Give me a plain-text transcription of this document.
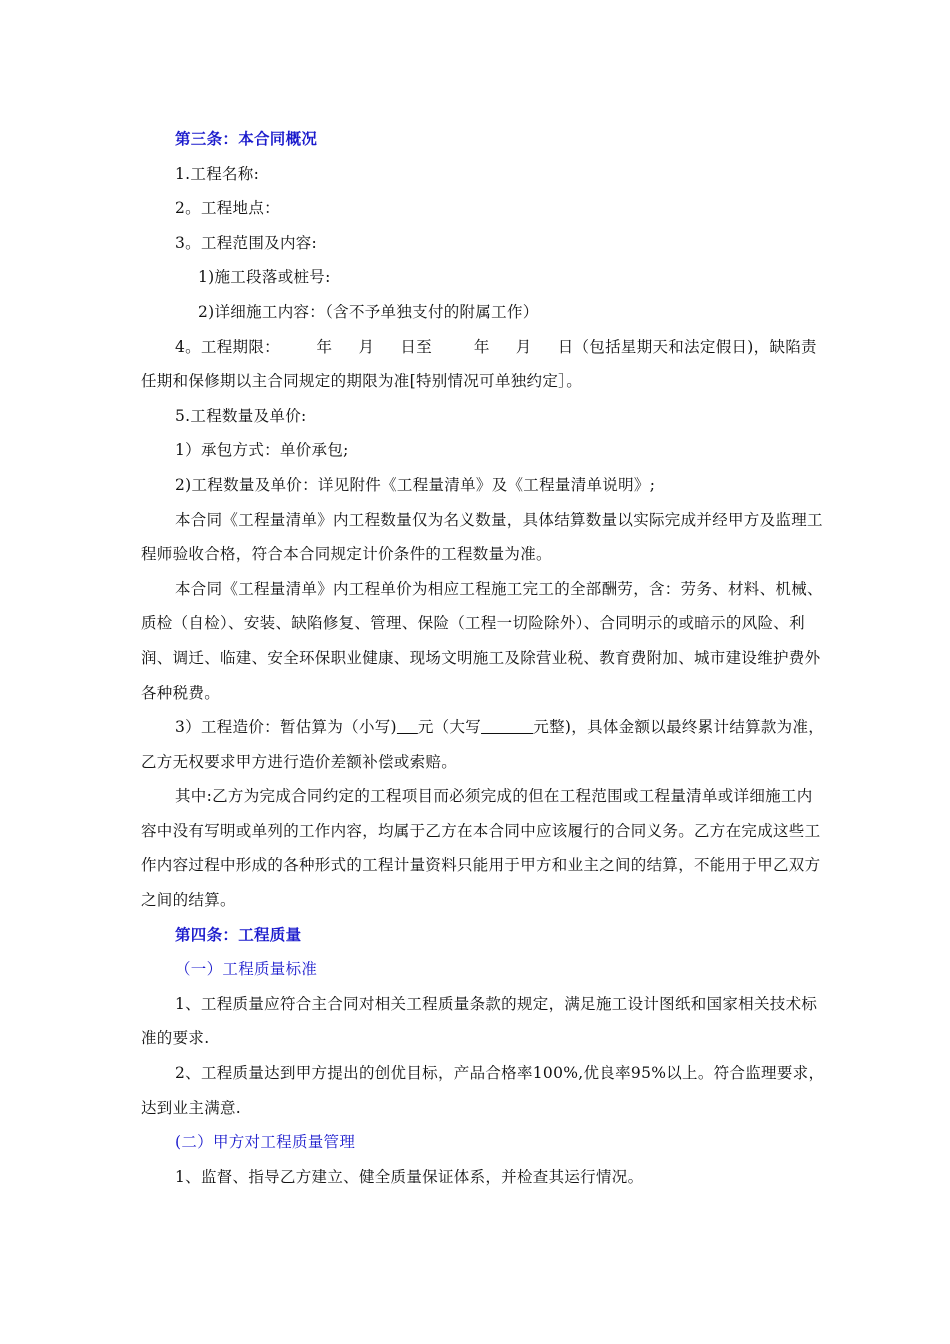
第三条：本合同概况

1.工程名称:

2。工程地点：

3。工程范围及内容:

1)施工段落或桩号:

2)详细施工内容：（含不予单独支付的附属工作）

4。工程期限：       年     月     日至        年     月     日（包括星期天和法定假日)，缺陷责任期和保修期以主合同规定的期限为准[特别情况可单独约定］。

5.工程数量及单价:

1）承包方式：单价承包;

2)工程数量及单价：详见附件《工程量清单》及《工程量清单说明》;

本合同《工程量清单》内工程数量仅为名义数量，具体结算数量以实际完成并经甲方及监理工程师验收合格，符合本合同规定计价条件的工程数量为准。

本合同《工程量清单》内工程单价为相应工程施工完工的全部酬劳，含：劳务、材料、机械、质检（自检）、安装、缺陷修复、管理、保险（工程一切险除外）、合同明示的或暗示的风险、利润、调迁、临建、安全环保职业健康、现场文明施工及除营业税、教育费附加、城市建设维护费外各种税费。

3）工程造价：暂估算为（小写) 元（大写	元整)，具体金额以最终累计结算款为准，乙方无权要求甲方进行造价差额补偿或索赔。

其中:乙方为完成合同约定的工程项目而必须完成的但在工程范围或工程量清单或详细施工内容中没有写明或单列的工作内容，均属于乙方在本合同中应该履行的合同义务。乙方在完成这些工作内容过程中形成的各种形式的工程计量资料只能用于甲方和业主之间的结算，不能用于甲乙双方之间的结算。

第四条：工程质量

（一）工程质量标准

1、工程质量应符合主合同对相关工程质量条款的规定，满足施工设计图纸和国家相关技术标准的要求.

2、工程质量达到甲方提出的创优目标，产品合格率100%,优良率95%以上。符合监理要求，达到业主满意.

(二）甲方对工程质量管理

1、监督、指导乙方建立、健全质量保证体系，并检查其运行情况。
